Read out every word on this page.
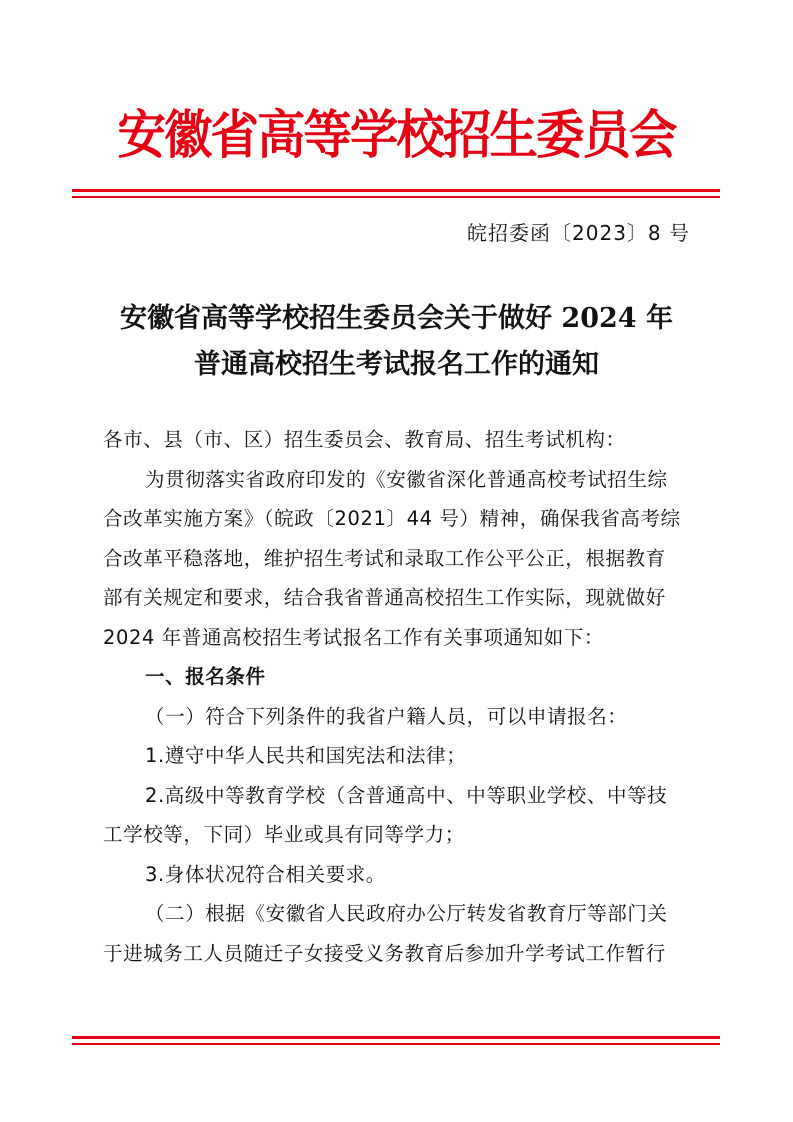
安徽省高等学校招生委员会
皖招委函〔2023〕8 号
安徽省高等学校招生委员会关于做好 2024 年
普通高校招生考试报名工作的通知

各市、县（市、区）招生委员会、教育局、招生考试机构：

为贯彻落实省政府印发的《安徽省深化普通高校考试招生综

合改革实施方案》（皖政〔2021〕44 号）精神，确保我省高考综

合改革平稳落地，维护招生考试和录取工作公平公正，根据教育

部有关规定和要求，结合我省普通高校招生工作实际，现就做好

2024 年普通高校招生考试报名工作有关事项通知如下：

一、报名条件

（一）符合下列条件的我省户籍人员，可以申请报名：

1.遵守中华人民共和国宪法和法律；

2.高级中等教育学校（含普通高中、中等职业学校、中等技

工学校等，下同）毕业或具有同等学力；

3.身体状况符合相关要求。

（二）根据《安徽省人民政府办公厅转发省教育厅等部门关

于进城务工人员随迁子女接受义务教育后参加升学考试工作暂行
